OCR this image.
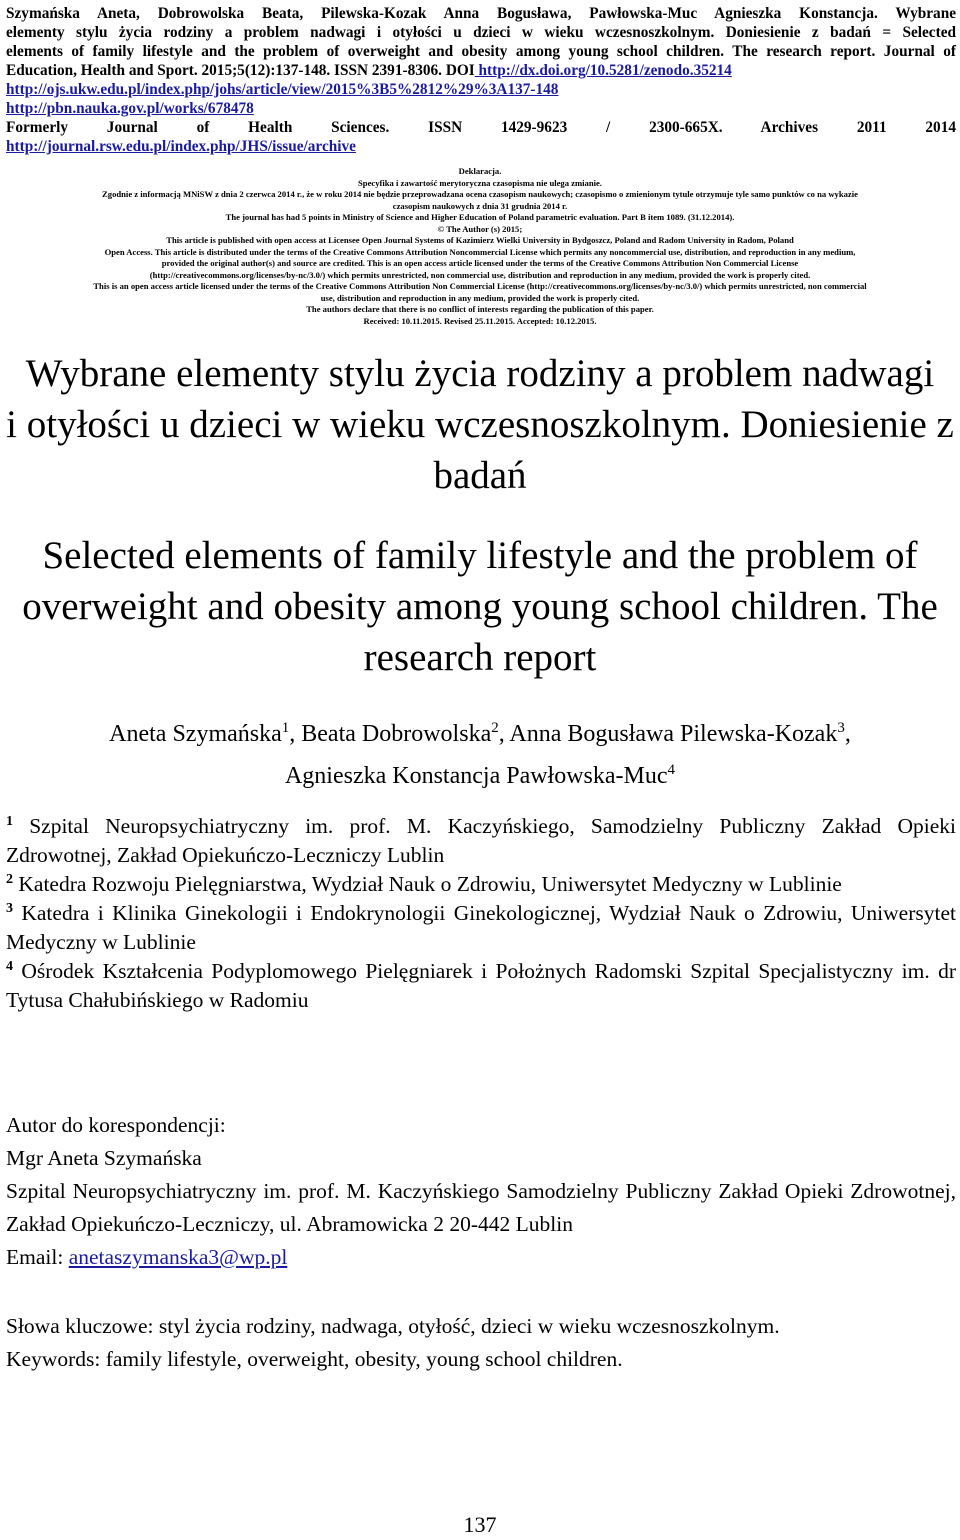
Szymańska Aneta, Dobrowolska Beata, Pilewska-Kozak Anna Bogusława, Pawłowska-Muc Agnieszka Konstancja. Wybrane
elementy stylu życia rodziny a problem nadwagi i otyłości u dzieci w wieku wczesnoszkolnym. Doniesienie z badań = Selected
elements of family lifestyle and the problem of overweight and obesity among young school children. The research report. Journal of
Education, Health and Sport. 2015;5(12):137-148. ISSN 2391-8306. DOI http://dx.doi.org/10.5281/zenodo.35214
http://ojs.ukw.edu.pl/index.php/johs/article/view/2015%3B5%2812%29%3A137-148
http://pbn.nauka.gov.pl/works/678478
Formerly Journal of Health Sciences. ISSN 1429-9623 / 2300-665X. Archives 2011 2014
http://journal.rsw.edu.pl/index.php/JHS/issue/archive
Deklaracja.
Specyfika i zawartość merytoryczna czasopisma nie ulega zmianie.
Zgodnie z informacją MNiSW z dnia 2 czerwca 2014 r., że w roku 2014 nie będzie przeprowadzana ocena czasopism naukowych; czasopismo o zmienionym tytule otrzymuje tyle samo punktów co na wykazie
czasopism naukowych z dnia 31 grudnia 2014 r.
The journal has had 5 points in Ministry of Science and Higher Education of Poland parametric evaluation. Part B item 1089. (31.12.2014).
© The Author (s) 2015;
This article is published with open access at Licensee Open Journal Systems of Kazimierz Wielki University in Bydgoszcz, Poland and Radom University in Radom, Poland
Open Access. This article is distributed under the terms of the Creative Commons Attribution Noncommercial License which permits any noncommercial use, distribution, and reproduction in any medium,
provided the original author(s) and source are credited. This is an open access article licensed under the terms of the Creative Commons Attribution Non Commercial License
(http://creativecommons.org/licenses/by-nc/3.0/) which permits unrestricted, non commercial use, distribution and reproduction in any medium, provided the work is properly cited.
This is an open access article licensed under the terms of the Creative Commons Attribution Non Commercial License (http://creativecommons.org/licenses/by-nc/3.0/) which permits unrestricted, non commercial
use, distribution and reproduction in any medium, provided the work is properly cited.
The authors declare that there is no conflict of interests regarding the publication of this paper.
Received: 10.11.2015. Revised 25.11.2015. Accepted: 10.12.2015.
Wybrane elementy stylu życia rodziny a problem nadwagi
i otyłości u dzieci w wieku wczesnoszkolnym. Doniesienie z
badań
Selected elements of family lifestyle and the problem of
overweight and obesity among young school children. The
research report
Aneta Szymańska$^1$, Beata Dobrowolska$^2$, Anna Bogusława Pilewska-Kozak$^3$,
Agnieszka Konstancja Pawłowska-Muc$^4$
$^1$ Szpital Neuropsychiatryczny im. prof. M. Kaczyńskiego, Samodzielny Publiczny Zakład Opieki Zdrowotnej, Zakład Opiekuńczo-Leczniczy Lublin
$^2$ Katedra Rozwoju Pielęgniarstwa, Wydział Nauk o Zdrowiu, Uniwersytet Medyczny w Lublinie
$^3$ Katedra i Klinika Ginekologii i Endokrynologii Ginekologicznej, Wydział Nauk o Zdrowiu, Uniwersytet Medyczny w Lublinie
$^4$ Ośrodek Kształcenia Podyplomowego Pielęgniarek i Położnych Radomski Szpital Specjalistyczny im. dr Tytusa Chałubińskiego w Radomiu
Autor do korespondencji:
Mgr Aneta Szymańska
Szpital Neuropsychiatryczny im. prof. M. Kaczyńskiego Samodzielny Publiczny Zakład Opieki Zdrowotnej, Zakład Opiekuńczo-Leczniczy, ul. Abramowicka 2 20-442 Lublin
Email: anetaszymanska3@wp.pl
Słowa kluczowe: styl życia rodziny, nadwaga, otyłość, dzieci w wieku wczesnoszkolnym.
Keywords: family lifestyle, overweight, obesity, young school children.
137
